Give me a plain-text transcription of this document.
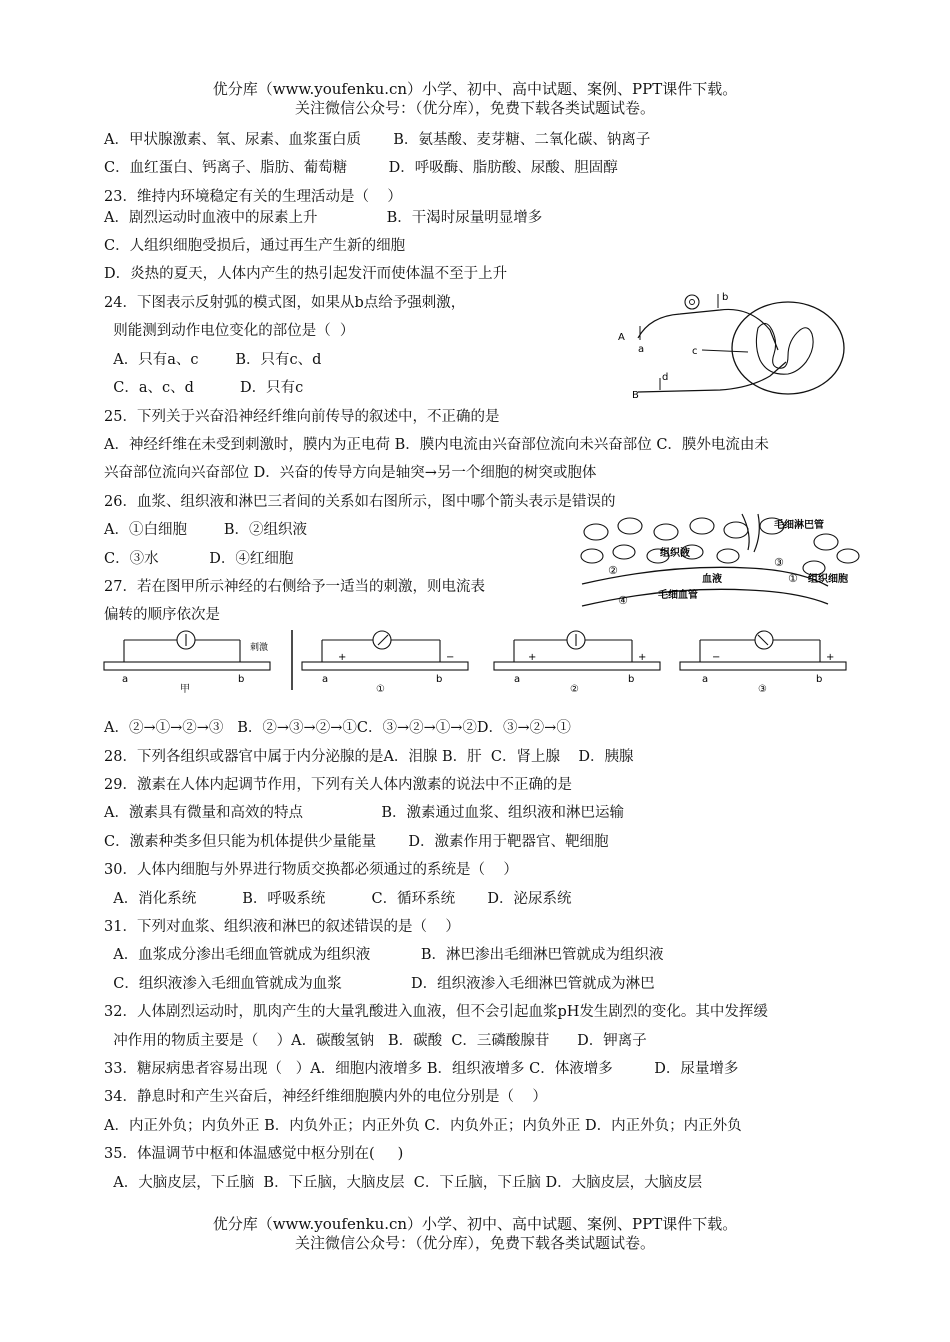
优分库（www.youfenku.cn）小学、初中、高中试题、案例、PPT课件下载。
关注微信公众号：（优分库），免费下载各类试题试卷。
A．甲状腺激素、氧、尿素、血浆蛋白质       B．氨基酸、麦芽糖、二氧化碳、钠离子
C．血红蛋白、钙离子、脂肪、葡萄糖         D．呼吸酶、脂肪酸、尿酸、胆固醇
23．维持内环境稳定有关的生理活动是（    ）
A．剧烈运动时血液中的尿素上升               B．干渴时尿量明显增多
C．人组织细胞受损后，通过再生产生新的细胞
D．炎热的夏天，人体内产生的热引起发汗而使体温不至于上升
24．下图表示反射弧的模式图，如果从b点给予强刺激，
则能测到动作电位变化的部位是（  ）
A．只有a、c        B．只有c、d
C．a、c、d          D．只有c
25．下列关于兴奋沿神经纤维向前传导的叙述中，不正确的是
A．神经纤维在未受到刺激时，膜内为正电荷 B．膜内电流由兴奋部位流向未兴奋部位 C．膜外电流由未
兴奋部位流向兴奋部位 D．兴奋的传导方向是轴突→另一个细胞的树突或胞体
26．血浆、组织液和淋巴三者间的关系如右图所示，图中哪个箭头表示是错误的
A．①白细胞        B．②组织液
C．③水           D．④红细胞
27．若在图甲所示神经的右侧给予一适当的刺激，则电流表
偏转的顺序依次是
A．②→①→②→③   B．②→③→②→①C．③→②→①→②D．③→②→①
28．下列各组织或器官中属于内分泌腺的是A．泪腺 B．肝  C．肾上腺    D．胰腺
29．激素在人体内起调节作用，下列有关人体内激素的说法中不正确的是
A．激素具有微量和高效的特点                 B．激素通过血浆、组织液和淋巴运输
C．激素种类多但只能为机体提供少量能量       D．激素作用于靶器官、靶细胞
30．人体内细胞与外界进行物质交换都必须通过的系统是（    ）
A．消化系统          B．呼吸系统          C．循环系统       D．泌尿系统
31．下列对血浆、组织液和淋巴的叙述错误的是（    ）
A．血浆成分渗出毛细血管就成为组织液           B．淋巴渗出毛细淋巴管就成为组织液
C．组织液渗入毛细血管就成为血浆               D．组织液渗入毛细淋巴管就成为淋巴
32．人体剧烈运动时，肌肉产生的大量乳酸进入血液，但不会引起血浆pH发生剧烈的变化。其中发挥缓
冲作用的物质主要是（    ）A．碳酸氢钠   B．碳酸  C．三磷酸腺苷      D．钾离子
33．糖尿病患者容易出现（   ）A．细胞内液增多 B．组织液增多 C．体液增多         D．尿量增多
34．静息时和产生兴奋后，神经纤维细胞膜内外的电位分别是（    ）
A．内正外负；内负外正 B．内负外正；内正外负 C．内负外正；内负外正 D．内正外负；内正外负
35．体温调节中枢和体温感觉中枢分别在(     )
A．大脑皮层，下丘脑  B．下丘脑，大脑皮层  C．下丘脑，下丘脑 D．大脑皮层，大脑皮层
b
A
a	c
d
B
毛细淋巴管
组织液
血液	组织细胞
毛细血管
①
②
③
④
a	b
刺激
甲
+	−
a	b
①
+	+
a	b
②
−	+
a	b
③
优分库（www.youfenku.cn）小学、初中、高中试题、案例、PPT课件下载。
关注微信公众号：（优分库），免费下载各类试题试卷。
